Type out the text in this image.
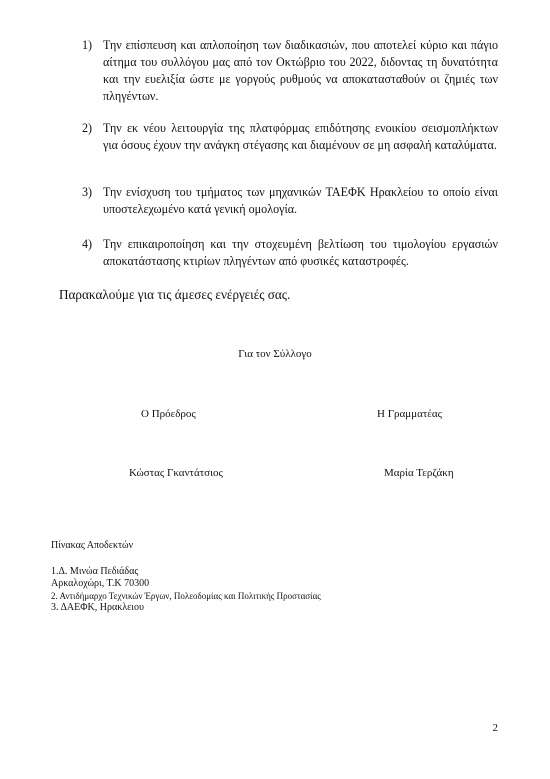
1) Την επίσπευση και απλοποίηση των διαδικασιών, που αποτελεί κύριο και πάγιο αίτημα του συλλόγου μας από τον Οκτώβριο του 2022, διδοντας τη δυνατότητα και την ευελιξία ώστε με γοργούς ρυθμούς να αποκατασταθούν οι ζημιές των πληγέντων.
2) Την εκ νέου λειτουργία της πλατφόρμας επιδότησης ενοικίου σεισμοπλήκτων για όσους έχουν την ανάγκη στέγασης και διαμένουν σε μη ασφαλή καταλύματα.
3) Την ενίσχυση του τμήματος των μηχανικών ΤΑΕΦΚ Ηρακλείου το οποίο είναι υποστελεχωμένο κατά γενική ομολογία.
4) Την επικαιροποίηση και την στοχευμένη βελτίωση του τιμολογίου εργασιών αποκατάστασης κτιρίων πληγέντων από φυσικές καταστροφές.
Παρακαλούμε για τις άμεσες ενέργειές σας.
Για τον Σύλλογο
Ο Πρόεδρος	Η Γραμματέας
Κώστας Γκαντάτσιος	Μαρία Τερζάκη
Πίνακας Αποδεκτών
1.Δ. Μινώα Πεδιάδας
Αρκαλοχώρι, Τ.Κ 70300
2. Αντιδήμαρχο Τεχνικών Έργων, Πολεοδομίας και Πολιτικής Προστασίας
3. ΔΑΕΦΚ, Ηρακλειου
2
